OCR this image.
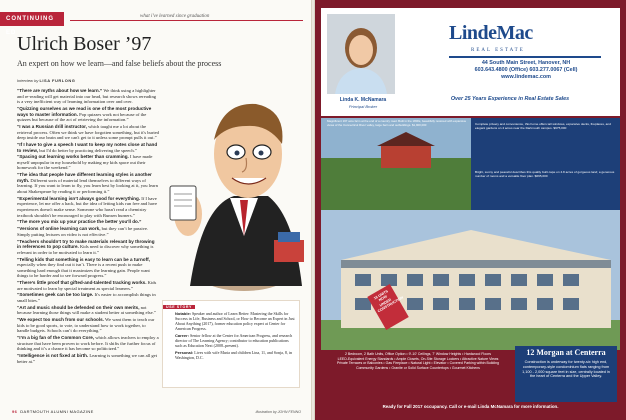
CONTINUING ED
what i've learned since graduation
Ulrich Boser ’97
An expert on how we learn—and false beliefs about the process
Interview by LISA FURLONG

“There are myths about how we learn.” We think using a highlighter and re-reading will get material into our head, but research shows rereading is a very inefficient way of learning information over and over.

“Quizzing ourselves as we read is one of the most productive ways to master information. Pop quizzes work not because of the quizzes but because of the act of retrieving the information.”

“I was a Russian drill instructor, which taught me a lot about the retrieval process. Often we think we have forgotten something, but it's buried deep inside our brain and we can't get to it unless some prompt pulls it out.”

“If I have to give a speech I want to keep my notes close at hand to review, but I'd do better by practicing delivering the speech.”

“Spacing out learning works better than cramming. I have made myself unpopular in my household by making my kids space out their homework for the weekend.”

“The idea that people have different learning styles is another myth. Different sorts of material lend themselves to different ways of learning. If you want to learn to fly, you learn best by looking at it, you learn about Shakespeare by reading it or performing it.”

“Experimental learning isn’t always good for everything. If I have experience, let me offer a hack, but the idea of letting kids run free and have experiences doesn't make sense. Someone who hasn't read a chemistry textbook shouldn't be encouraged to play with Bunsen burners.”

“The more you mix up your practice the better you'll do.”

“Versions of online learning can work, but they can’t be passive. Simply putting lectures on video is not effective.”

“Teachers shouldn’t try to make materials relevant by throwing in references to pop culture. Kids need to discover why something is relevant in order to be motivated to learn it.”

“Telling kids that something is easy to learn can be a turnoff, especially when they find out it isn’t. There is a recent push to make something hard enough that it maximizes the learning gain. People want things to be harder and to see forward progress.”

“There’s little proof that gifted-and-talented tracking works. Kids are motivated to learn by special treatment as special learners.”

“Sometimes geek can be too large. It's easier to accomplish things in small bites.”

“Art and music should be defended on their own merits, not because learning those things will make a student better at something else.”

“We expect too much from our schools. We want them to teach our kids to be good sports, to vote, to understand how to work together, to handle budgets. Schools can’t do everything.”

“I’m a big fan of the Common Core, which allows teachers to employ a structure that have been proven to work before. It shifts the further focus of thinking and it’s a chance it has become so politicized.”

“Intelligence is not fixed at birth. Learning is something we can all get better at.”

USE STORY

Notable: Speaker and author of Learn Better: Mastering the Skills for Success in Life, Business and School, or How to Become an Expert in Just About Anything (2017), former education policy expert at Center for American Progress.

Career: Senior fellow at the Center for American Progress, and research director of The Learning Agency; contributor to education publications such as Education Next (2008–present).

Personal: Lives with wife Maria and children Lina, 11, and Sonja, 8, in Washington, D.C.

96 DARTMOUTH ALUMNI MAGAZINE	illustration by JOHN FENNO
Linda K. McNamara
Principal Broker
LindeMac
REAL ESTATE
44 South Main Street, Hanover, NH
603.643.4800 (Office) 603.277.0067 (Cell)
www.lindemac.com
Over 25 Years Experience in Real Estate Sales
Magnificent 167 acre farm at the end of a country road. Built in the 1800s, beautifully restored with expansive views of the Connecticut River valley, large barn and outbuildings. $1,900,000	Complete privacy and convenience, this home offers tall windows, expansive decks, fireplaces, and elegant gardens on 4 acres near the Dartmouth campus. $975,000
Bright, sunny and peaceful describes this quality built cape on 4.8 acres of gorgeous land; a generous number of rooms and a versatile floor plan. $695,000
16 UNITS NOW UNDER CONSTRUCTION
2 Bedroom, 2 Bath Units, Office Option • 9'-10' Ceilings, 7' Window Heights • Hardwood Floors
LEED-Equivalent Energy Standards • Ample Closets, On-Site Storage Lockers • Attractive Nature Views
Private Terraces or Balconies • Gas Fireplace • Natural Light • Elevator • Covered Parking within Building
Community Gardens • Granite or Solid Surface Countertops • Gourmet Kitchens
12 Morgan at Centerra
Construction is underway for twenty-six high end, contemporary-style condominium flats ranging from 1,100 - 2,000 square feet in size, centrally located in the heart of Centerra and the Upper Valley.
Ready for Fall 2017 occupancy. Call or e-mail Linda McNamara for more information.
